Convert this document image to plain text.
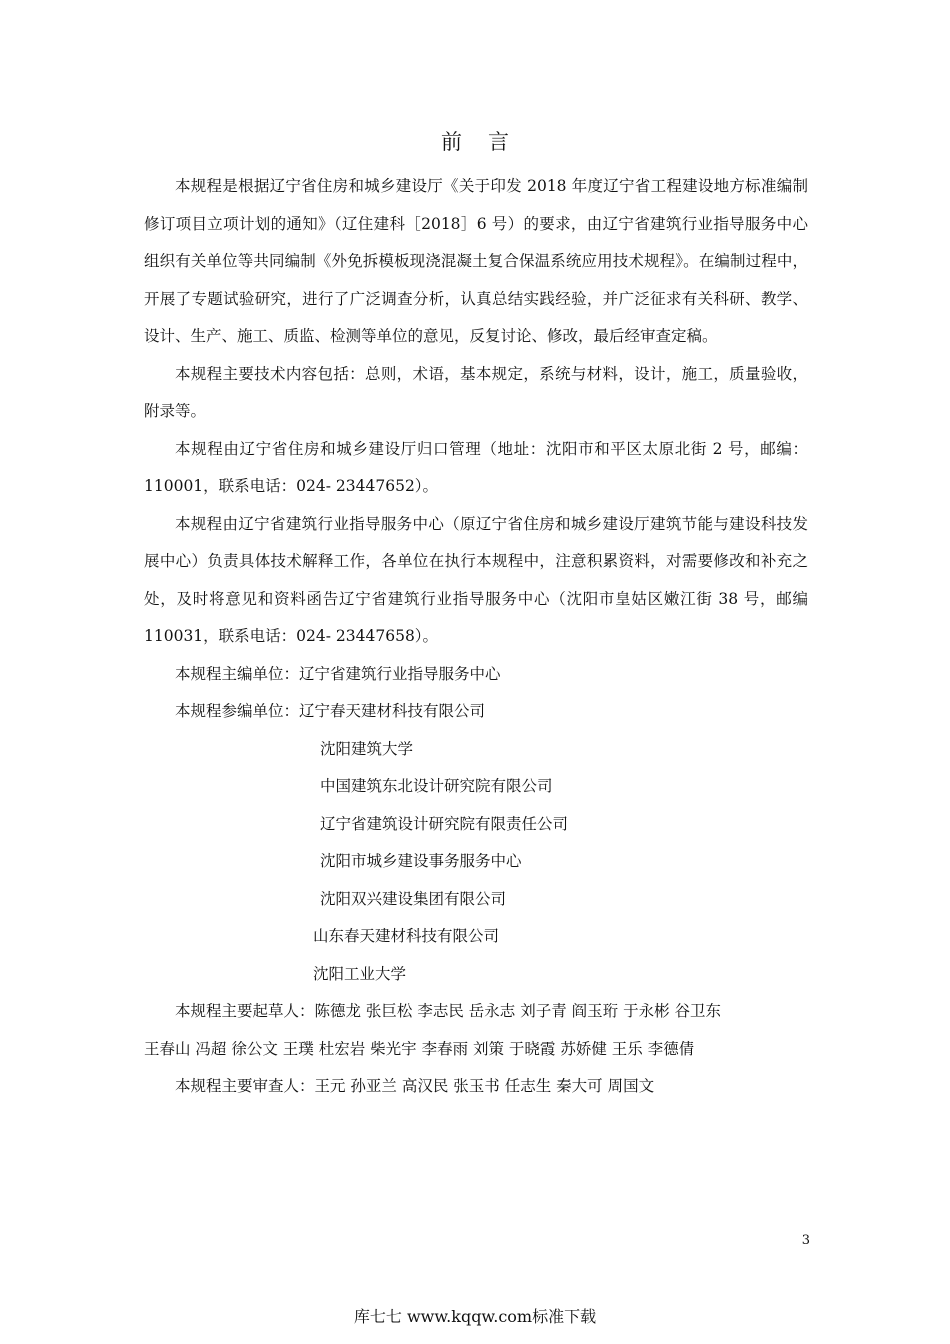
前言

本规程是根据辽宁省住房和城乡建设厅《关于印发 2018 年度辽宁省工程建设地方标准编制修订项目立项计划的通知》（辽住建科［2018］6 号）的要求，由辽宁省建筑行业指导服务中心组织有关单位等共同编制《外免拆模板现浇混凝土复合保温系统应用技术规程》。在编制过程中，开展了专题试验研究，进行了广泛调查分析，认真总结实践经验，并广泛征求有关科研、教学、设计、生产、施工、质监、检测等单位的意见，反复讨论、修改，最后经审查定稿。

本规程主要技术内容包括：总则，术语，基本规定，系统与材料，设计，施工，质量验收，附录等。

本规程由辽宁省住房和城乡建设厅归口管理（地址：沈阳市和平区太原北街 2 号，邮编：110001，联系电话：024- 23447652）。

本规程由辽宁省建筑行业指导服务中心（原辽宁省住房和城乡建设厅建筑节能与建设科技发展中心）负责具体技术解释工作，各单位在执行本规程中，注意积累资料，对需要修改和补充之处，及时将意见和资料函告辽宁省建筑行业指导服务中心（沈阳市皇姑区嫩江街 38 号，邮编 110031，联系电话：024- 23447658）。

本规程主编单位：辽宁省建筑行业指导服务中心

本规程参编单位：辽宁春天建材科技有限公司

沈阳建筑大学

中国建筑东北设计研究院有限公司

辽宁省建筑设计研究院有限责任公司

沈阳市城乡建设事务服务中心

沈阳双兴建设集团有限公司

山东春天建材科技有限公司

沈阳工业大学

本规程主要起草人：陈德龙 张巨松 李志民 岳永志 刘子青 阎玉珩 于永彬 谷卫东

王春山 冯超 徐公文 王璞 杜宏岩 柴光宇 李春雨 刘策 于晓霞 苏娇健 王乐 李德倩

本规程主要审查人：王元 孙亚兰 高汉民 张玉书 任志生 秦大可 周国文

3
库七七 www.kqqw.com标准下载
